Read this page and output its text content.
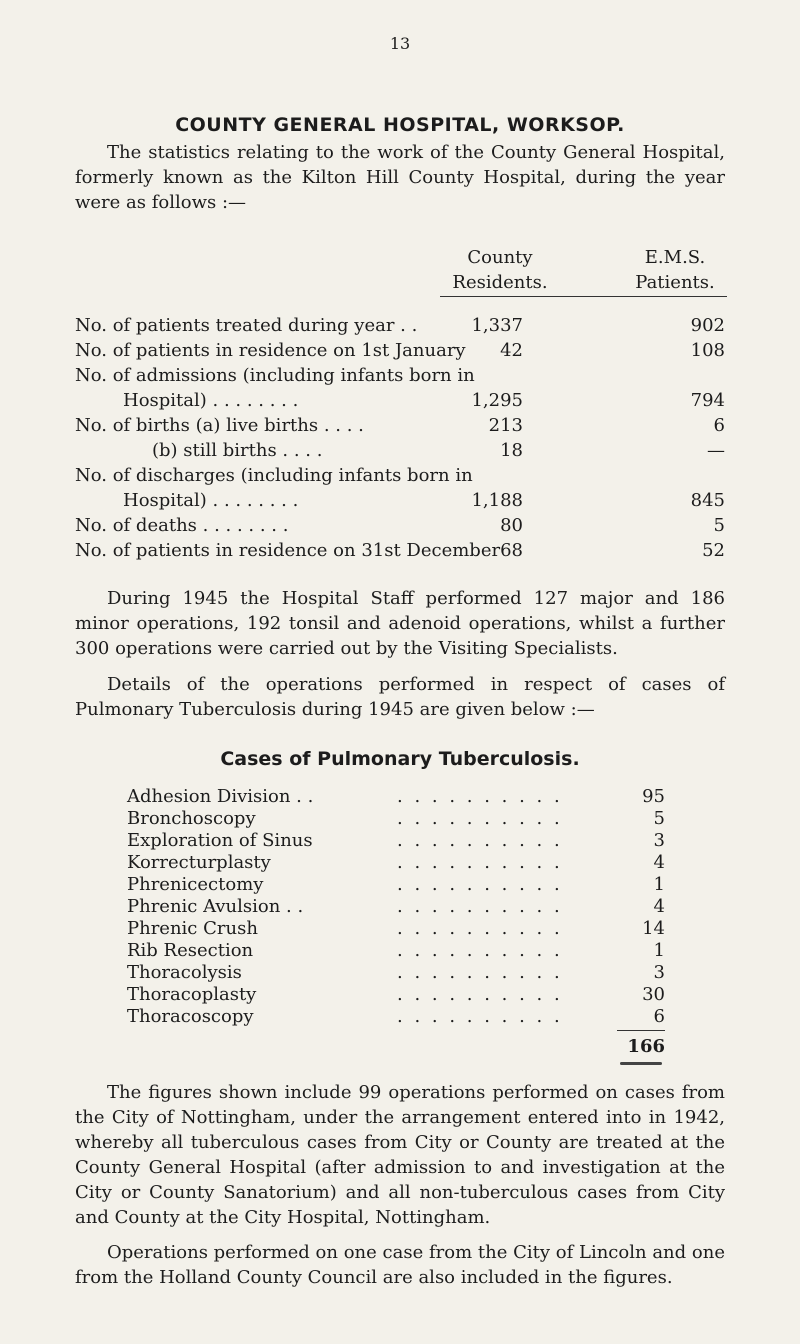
13
COUNTY GENERAL HOSPITAL, WORKSOP.

The statistics relating to the work of the County General Hospital, formerly known as the Kilton Hill County Hospital, during the year were as follows :—

County
Residents.
E.M.S.
Patients.
No. of patients treated during year . .	1,337	902
No. of patients in residence on 1st January 42	108
No. of admissions (including infants born in
Hospital) . . . . . . . .	1,295	794
No. of births (a) live births . . . .	213	6
(b) still births . . . .	18	—
No. of discharges (including infants born in
Hospital) . . . . . . . .	1,188	845
No. of deaths . . . . . . . .	80	5
No. of patients in residence on 31st December 68	52

During 1945 the Hospital Staff performed 127 major and 186 minor operations, 192 tonsil and adenoid operations, whilst a further 300 operations were carried out by the Visiting Specialists.

Details of the operations performed in respect of cases of Pulmonary Tuberculosis during 1945 are given below :—

Cases of Pulmonary Tuberculosis.
Adhesion Division . .	. . . . . . . . . .	95
Bronchoscopy	. . . . . . . . . .	5
Exploration of Sinus	. . . . . . . . . .	3
Korrecturplasty	. . . . . . . . . .	4
Phrenicectomy	. . . . . . . . . .	1
Phrenic Avulsion . .	. . . . . . . . . .	4
Phrenic Crush	. . . . . . . . . .	14
Rib Resection	. . . . . . . . . .	1
Thoracolysis	. . . . . . . . . .	3
Thoracoplasty	. . . . . . . . . .	30
Thoracoscopy	. . . . . . . . . .	6
166

The figures shown include 99 operations performed on cases from the City of Nottingham, under the arrangement entered into in 1942, whereby all tuberculous cases from City or County are treated at the County General Hospital (after admission to and investigation at the City or County Sanatorium) and all non-tuberculous cases from City and County at the City Hospital, Nottingham.

Operations performed on one case from the City of Lincoln and one from the Holland County Council are also included in the figures.
